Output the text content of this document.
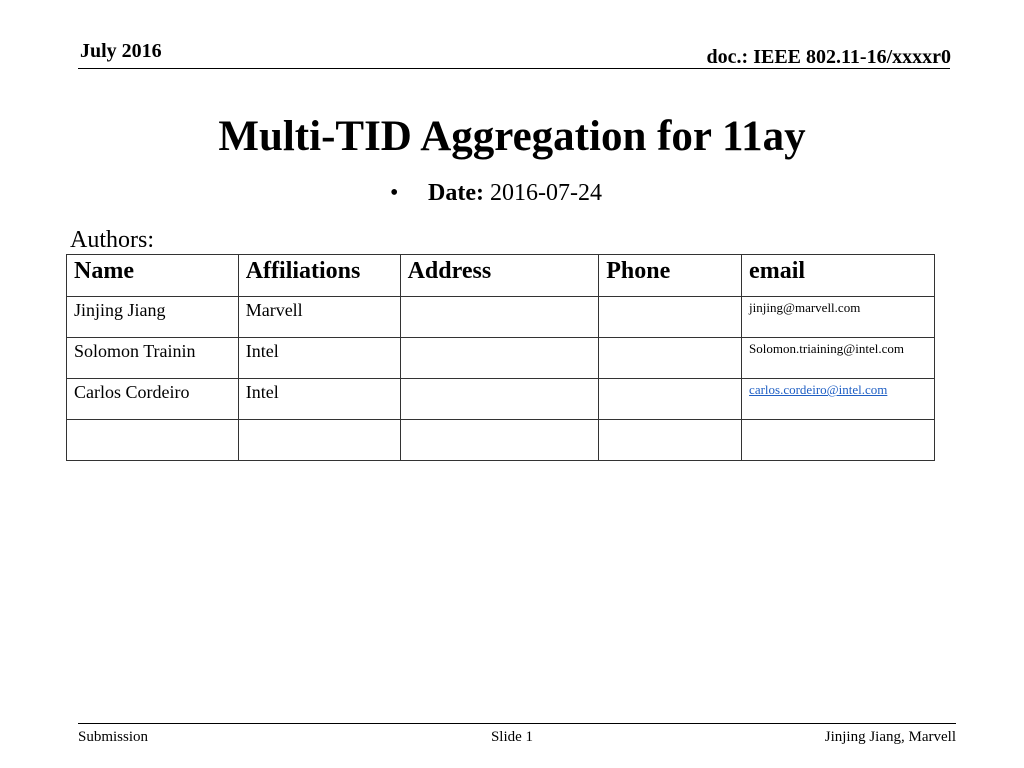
July 2016	doc.: IEEE 802.11-16/xxxxr0
Multi-TID Aggregation for 11ay
• Date: 2016-07-24
Authors:
Name	Affiliations	Address	Phone	email
Jinjing Jiang	Marvell			jinjing@marvell.com
Solomon Trainin	Intel			Solomon.triaining@intel.com
Carlos Cordeiro	Intel			carlos.cordeiro@intel.com

Submission	Slide 1	Jinjing Jiang, Marvell
